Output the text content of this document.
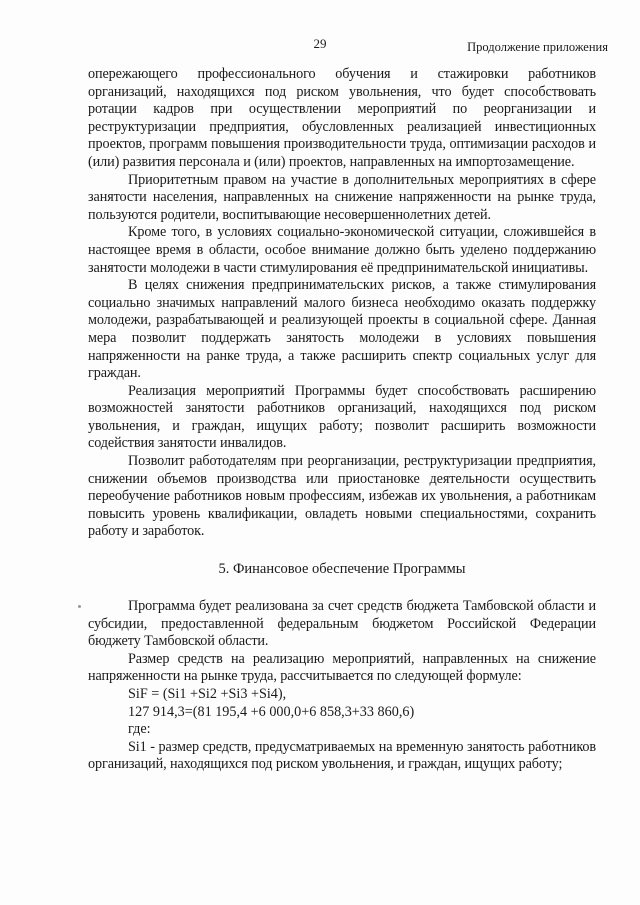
29	Продолжение приложения

опережающего профессионального обучения и стажировки работников организаций, находящихся под риском увольнения, что будет способствовать ротации кадров при осуществлении мероприятий по реорганизации и реструктуризации предприятия, обусловленных реализацией инвестиционных проектов, программ повышения производительности труда, оптимизации расходов и (или) развития персонала и (или) проектов, направленных на импортозамещение.

Приоритетным правом на участие в дополнительных мероприятиях в сфере занятости населения, направленных на снижение напряженности на рынке труда, пользуются родители, воспитывающие несовершеннолетних детей.

Кроме того, в условиях социально-экономической ситуации, сложившейся в настоящее время в области, особое внимание должно быть уделено поддержанию занятости молодежи в части стимулирования её предпринимательской инициативы.

В целях снижения предпринимательских рисков, а также стимулирования социально значимых направлений малого бизнеса необходимо оказать поддержку молодежи, разрабатывающей и реализующей проекты в социальной сфере. Данная мера позволит поддержать занятость молодежи в условиях повышения напряженности на ранке труда, а также расширить спектр социальных услуг для граждан.

Реализация мероприятий Программы будет способствовать расширению возможностей занятости работников организаций, находящихся под риском увольнения, и граждан, ищущих работу; позволит расширить возможности содействия занятости инвалидов.

Позволит работодателям при реорганизации, реструктуризации предприятия, снижении объемов производства или приостановке деятельности осуществить переобучение работников новым профессиям, избежав их увольнения, а работникам повысить уровень квалификации, овладеть новыми специальностями, сохранить работу и заработок.

5. Финансовое обеспечение Программы

Программа будет реализована за счет средств бюджета Тамбовской области и субсидии, предоставленной федеральным бюджетом Российской Федерации бюджету Тамбовской области.

Размер средств на реализацию мероприятий, направленных на снижение напряженности на рынке труда, рассчитывается по следующей формуле:

SiF = (Si1 +Si2 +Si3 +Si4),

127 914,3=(81 195,4 +6 000,0+6 858,3+33 860,6)

где:

Si1 - размер средств, предусматриваемых на временную занятость работников организаций, находящихся под риском увольнения, и граждан, ищущих работу;
